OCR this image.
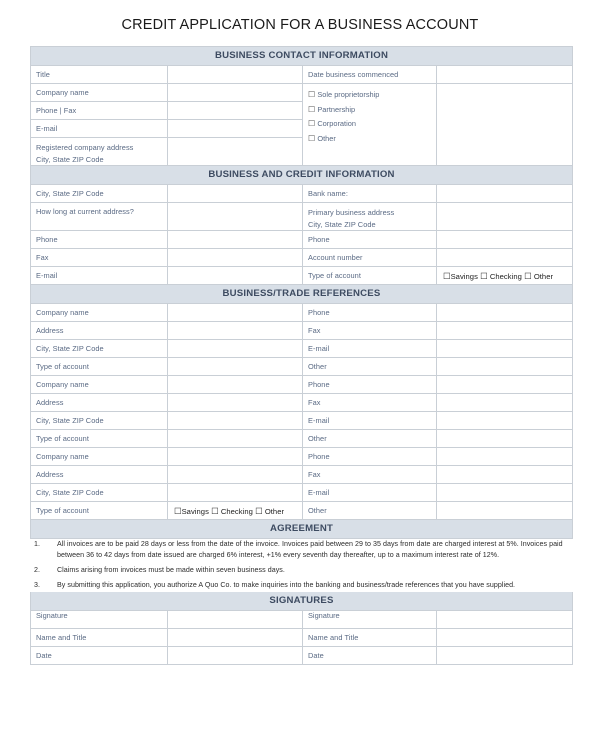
CREDIT APPLICATION FOR A BUSINESS ACCOUNT
BUSINESS CONTACT INFORMATION			

Title		Date business commenced	

Company name		☐ Sole proprietorship
☐ Partnership
☐ Corporation
☐ Other	

Phone | Fax			

E-mail			

Registered company address
City, State ZIP Code			

BUSINESS AND CREDIT INFORMATION			

City, State ZIP Code		Bank name:	

How long at current address?		Primary business address
City, State ZIP Code	

Phone		Phone	

Fax		Account number	

E-mail		Type of account	☐Savings ☐ Checking ☐ Other

BUSINESS/TRADE REFERENCES			

Company name		Phone	

Address		Fax	

City, State ZIP Code		E-mail	

Type of account		Other	

Company name		Phone	

Address		Fax	

City, State ZIP Code		E-mail	

Type of account		Other	

Company name		Phone	

Address		Fax	

City, State ZIP Code		E-mail	

Type of account	☐Savings ☐ Checking ☐ Other	Other	

AGREEMENT			

1. All invoices are to be paid 28 days or less from the date of the invoice. Invoices paid between 29 to 35 days from date are charged interest at 5%. Invoices paid between 36 to 42 days from date issued are charged 6% interest, +1% every seventh day thereafter, up to a maximum interest rate of 12%.
2. Claims arising from invoices must be made within seven business days.
3. By submitting this application, you authorize A Quo Co. to make inquiries into the banking and business/trade references that you have supplied.

SIGNATURES			

Signature		Signature	

Name and Title		Name and Title	

Date		Date	
